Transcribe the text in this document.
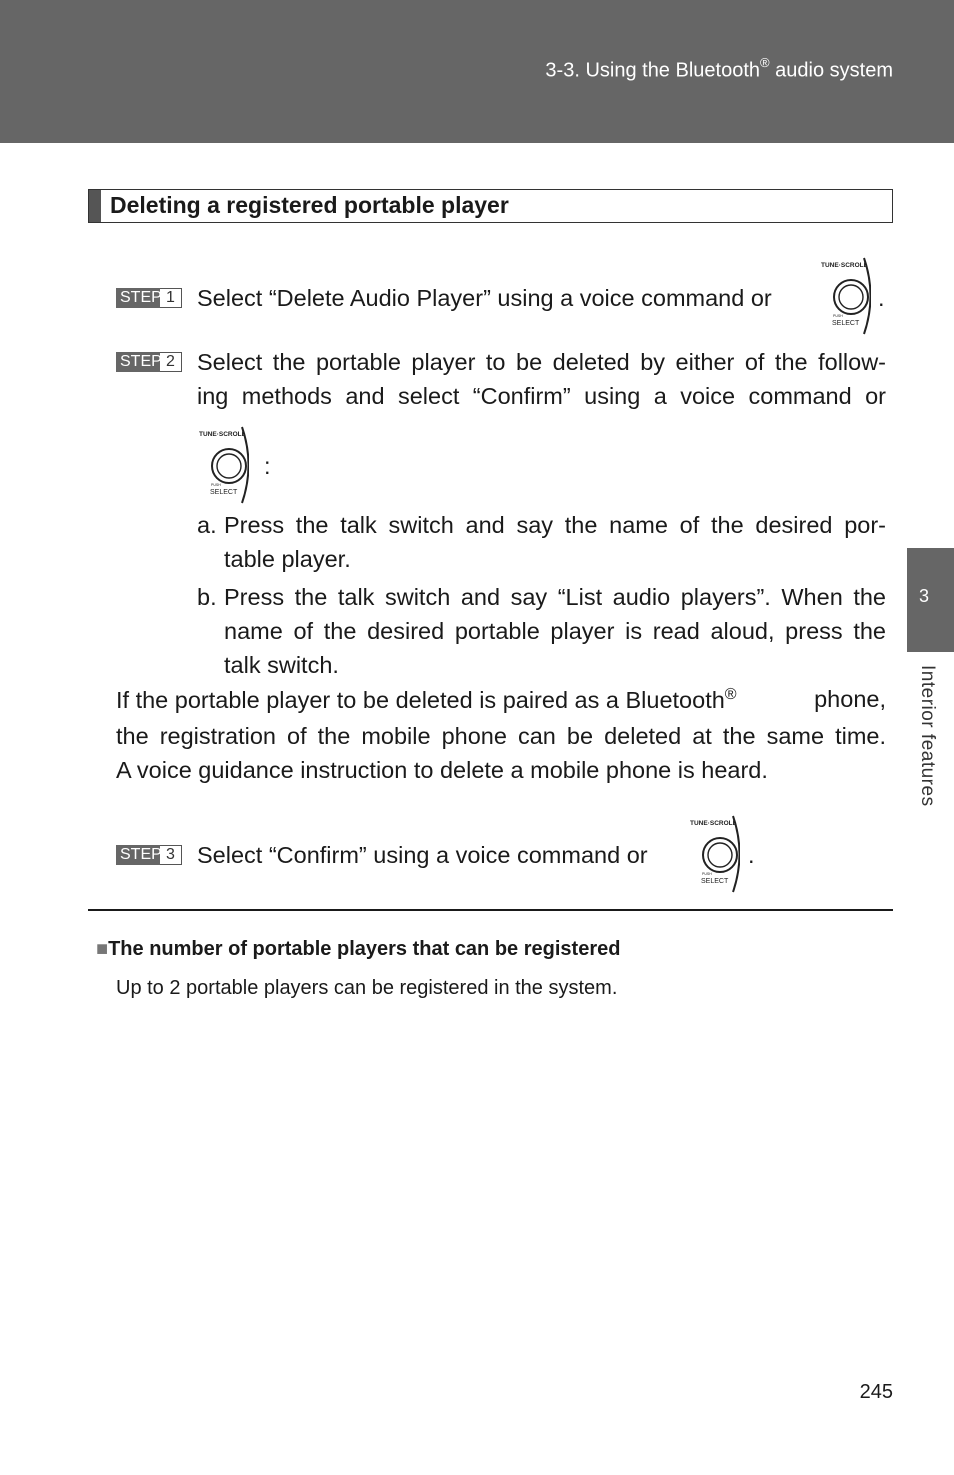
3-3. Using the Bluetooth® audio system
3
Interior features
Deleting a registered portable player
STEP 1 Select “Delete Audio Player” using a voice command or
TUNE·SCROLL
PUSH
SELECT
.
STEP 2 Select the portable player to be deleted by either of the follow-
ing methods and select “Confirm” using a voice command or
TUNE·SCROLL
PUSH
SELECT
:
a. Press the talk switch and say the name of the desired por-
table player.
b. Press the talk switch and say “List audio players”. When the
name of the desired portable player is read aloud, press the
talk switch.
If the portable player to be deleted is paired as a Bluetooth®	phone,
the registration of the mobile phone can be deleted at the same time.
A voice guidance instruction to delete a mobile phone is heard.
STEP 3 Select “Confirm” using a voice command or
TUNE·SCROLL
PUSH
SELECT
.
■The number of portable players that can be registered
Up to 2 portable players can be registered in the system.
245
